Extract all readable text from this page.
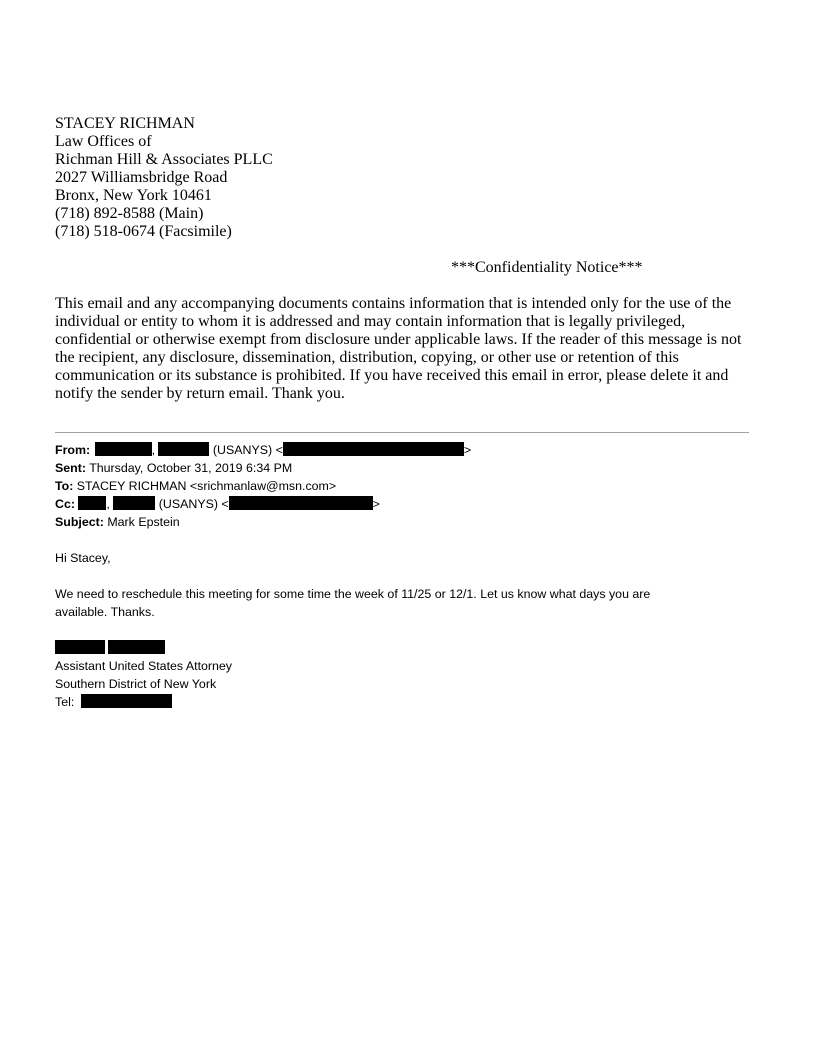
STACEY RICHMAN
Law Offices of
Richman Hill & Associates PLLC
2027 Williamsbridge Road
Bronx, New York 10461
(718) 892-8588 (Main)
(718) 518-0674 (Facsimile)
***Confidentiality Notice***

This email and any accompanying documents contains information that is intended only for the use of the

individual or entity to whom it is addressed and may contain information that is legally privileged,

confidential or otherwise exempt from disclosure under applicable laws. If the reader of this message is not

the recipient, any disclosure, dissemination, distribution, copying, or other use or retention of this

communication or its substance is prohibited. If you have received this email in error, please delete it and

notify the sender by return email. Thank you.

From:	,	(USANYS) <	>
Sent: Thursday, October 31, 2019 6:34 PM
To: STACEY RICHMAN <srichmanlaw@msn.com>
Cc:	,	(USANYS) <	>
Subject: Mark Epstein
Hi Stacey,
We need to reschedule this meeting for some time the week of 11/25 or 12/1. Let us know what days you are
available. Thanks.

Assistant United States Attorney
Southern District of New York
Tel:
